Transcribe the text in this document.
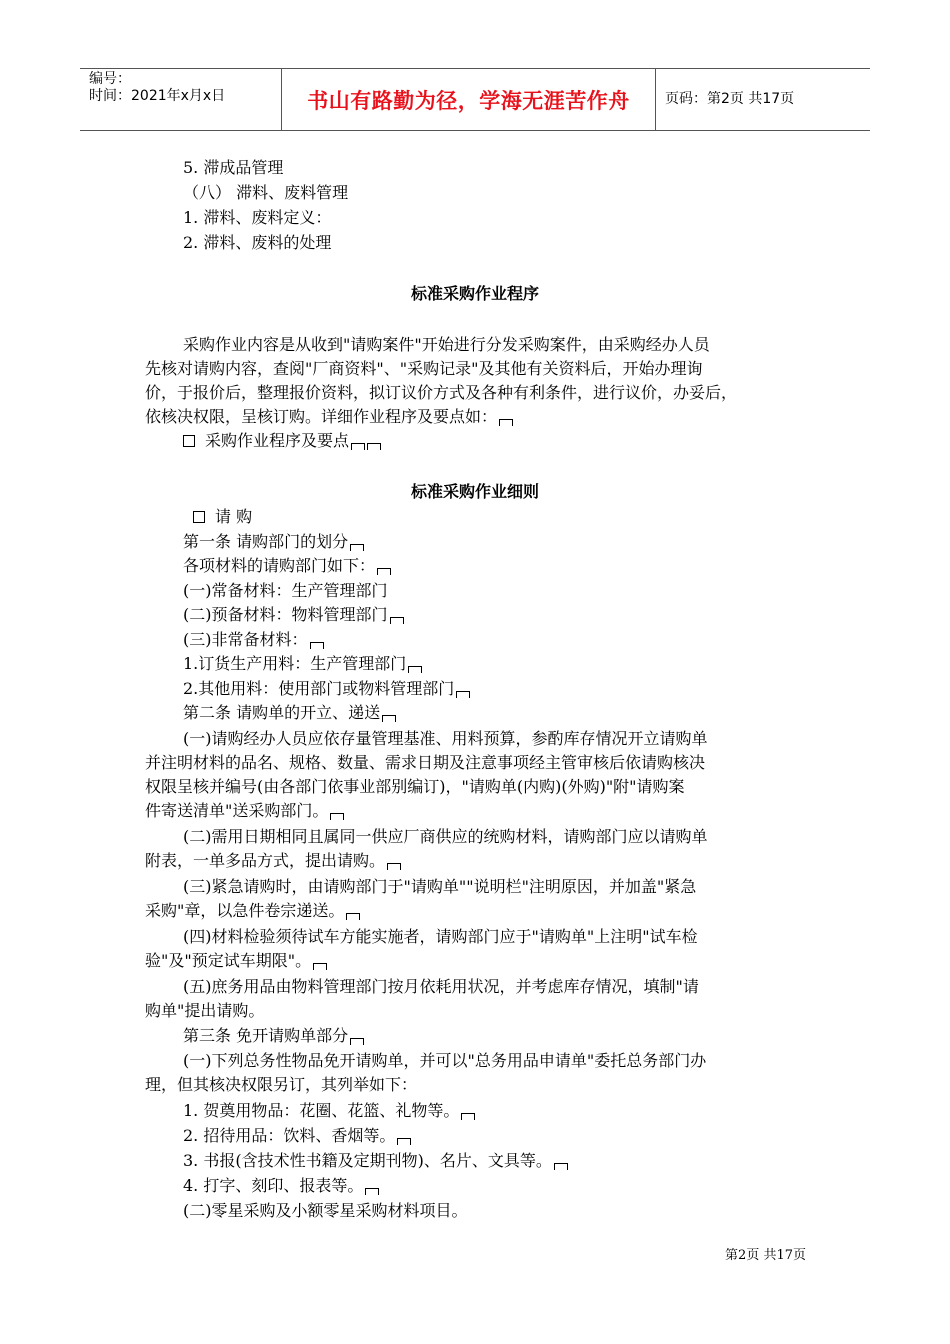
编号：
时间：2021年x月x日	书山有路勤为径，学海无涯苦作舟	页码：第2页 共17页
5. 滞成品管理
（八） 滞料、废料管理
1. 滞料、废料定义：
2. 滞料、废料的处理
标准采购作业程序
采购作业内容是从收到"请购案件"开始进行分发采购案件，由采购经办人员
先核对请购内容，查阅"厂商资料"、"采购记录"及其他有关资料后，开始办理询
价，于报价后，整理报价资料，拟订议价方式及各种有利条件，进行议价，办妥后，
依核决权限，呈核订购。详细作业程序及要点如：
采购作业程序及要点
标准采购作业细则
请 购
第一条 请购部门的划分
各项材料的请购部门如下：
(一)常备材料：生产管理部门
(二)预备材料：物料管理部门
(三)非常备材料：
1.订货生产用料：生产管理部门
2.其他用料：使用部门或物料管理部门
第二条 请购单的开立、递送
(一)请购经办人员应依存量管理基准、用料预算，参酌库存情况开立请购单
并注明材料的品名、规格、数量、需求日期及注意事项经主管审核后依请购核决
权限呈核并编号(由各部门依事业部别编订)，"请购单(内购)(外购)"附"请购案
件寄送清单"送采购部门。
(二)需用日期相同且属同一供应厂商供应的统购材料，请购部门应以请购单
附表，一单多品方式，提出请购。
(三)紧急请购时，由请购部门于"请购单""说明栏"注明原因，并加盖"紧急
采购"章，以急件卷宗递送。
(四)材料检验须待试车方能实施者，请购部门应于"请购单"上注明"试车检
验"及"预定试车期限"。
(五)庶务用品由物料管理部门按月依耗用状况，并考虑库存情况，填制"请
购单"提出请购。
第三条 免开请购单部分
(一)下列总务性物品免开请购单，并可以"总务用品申请单"委托总务部门办
理，但其核决权限另订，其列举如下：
1. 贺奠用物品：花圈、花篮、礼物等。
2. 招待用品：饮料、香烟等。
3. 书报(含技术性书籍及定期刊物)、名片、文具等。
4. 打字、刻印、报表等。
(二)零星采购及小额零星采购材料项目。
第2页 共17页
